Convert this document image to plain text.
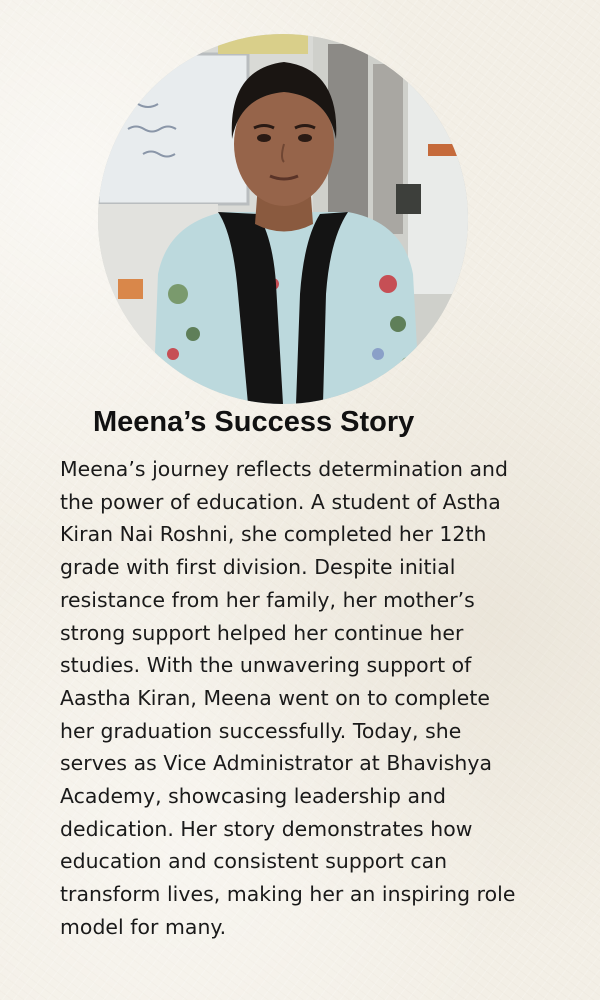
Meena’s Success Story

Meena’s journey reflects determination and
the power of education. A student of Astha
Kiran Nai Roshni, she completed her 12th
grade with first division. Despite initial
resistance from her family, her mother’s
strong support helped her continue her
studies. With the unwavering support of
Aastha Kiran, Meena went on to complete
her graduation successfully. Today, she
serves as Vice Administrator at Bhavishya
Academy, showcasing leadership and
dedication. Her story demonstrates how
education and consistent support can
transform lives, making her an inspiring role
model for many.
